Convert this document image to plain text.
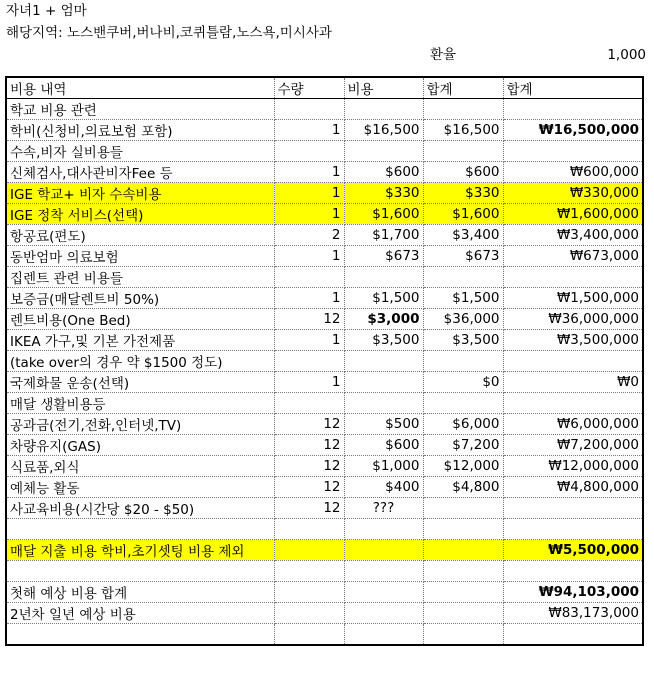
자녀1 + 엄마
해당지역: 노스밴쿠버,버나비,코퀴틀람,노스욕,미시사과
환율	1,000
비용 내역	수량	비용	합계	합계
학교 비용 관련				
학비(신청비,의료보험 포함)	1	$16,500	$16,500	₩16,500,000
수속,비자 실비용들				
신체검사,대사관비자Fee 등	1	$600	$600	₩600,000
IGE 학교+ 비자 수속비용	1	$330	$330	₩330,000
IGE 정착 서비스(선택)	1	$1,600	$1,600	₩1,600,000
항공료(편도)	2	$1,700	$3,400	₩3,400,000
동반엄마 의료보험	1	$673	$673	₩673,000
집렌트 관련 비용들				
보증금(매달렌트비 50%)	1	$1,500	$1,500	₩1,500,000
렌트비용(One Bed)	12	$3,000	$36,000	₩36,000,000
IKEA 가구,및 기본 가전제품	1	$3,500	$3,500	₩3,500,000
(take over의 경우 약 $1500 정도)				
국제화물 운송(선택)	1		$0	₩0
매달 생활비용등				
공과금(전기,전화,인터넷,TV)	12	$500	$6,000	₩6,000,000
차량유지(GAS)	12	$600	$7,200	₩7,200,000
식료품,외식	12	$1,000	$12,000	₩12,000,000
예체능 활동	12	$400	$4,800	₩4,800,000
사교육비용(시간당 $20 - $50)	12	???		

매달 지출 비용 학비,초기셋팅 비용 제외				₩5,500,000

첫해 예상 비용 합계				₩94,103,000
2년차 일년 예상 비용				₩83,173,000
